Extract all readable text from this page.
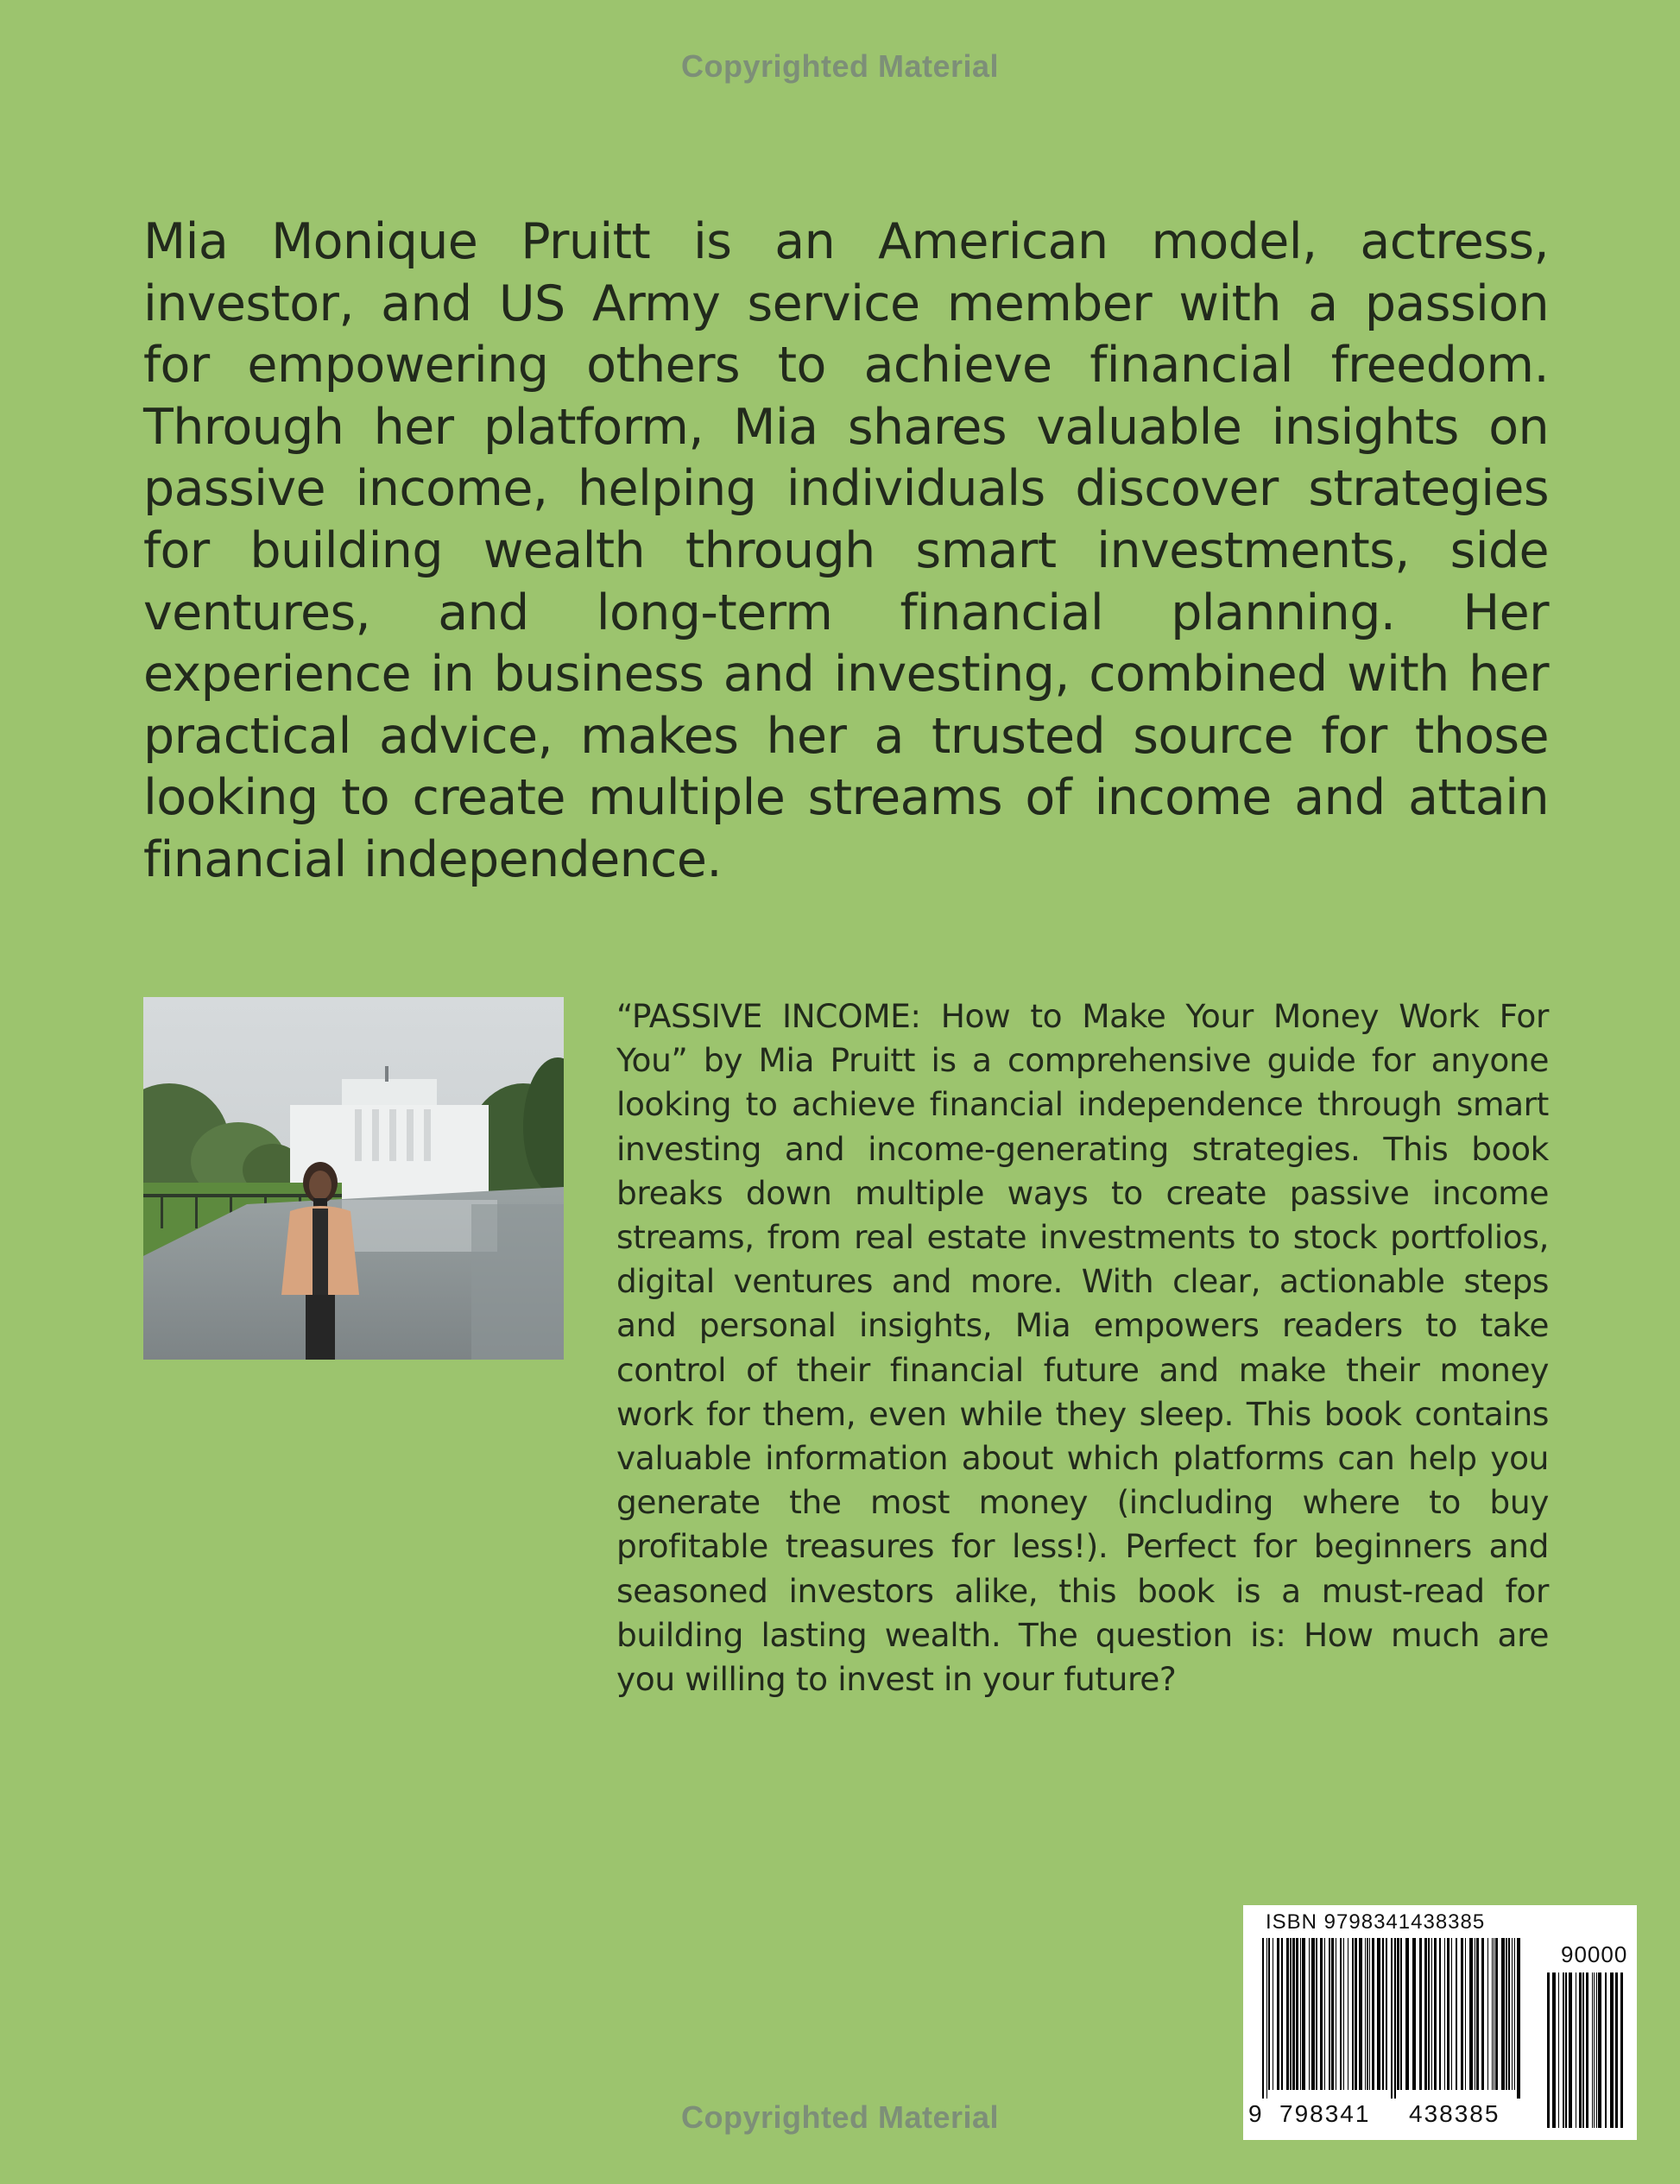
Copyrighted Material
Mia Monique Pruitt is an American model, actress, investor, and US Army service member with a passion for empowering others to achieve financial freedom. Through her platform, Mia shares valuable insights on passive income, helping individuals discover strategies for building wealth through smart investments, side ventures, and long-term financial planning. Her experience in business and investing, combined with her practical advice, makes her a trusted source for those looking to create multiple streams of income and attain financial independence.
“PASSIVE INCOME: How to Make Your Money Work For You” by Mia Pruitt is a comprehensive guide for anyone looking to achieve financial independence through smart investing and income-generating strategies. This book breaks down multiple ways to create passive income streams, from real estate investments to stock portfolios, digital ventures and more. With clear, actionable steps and personal insights, Mia empowers readers to take control of their financial future and make their money work for them, even while they sleep. This book contains valuable information about which platforms can help you generate the most money (including where to buy profitable treasures for less!). Perfect for beginners and seasoned investors alike, this book is a must-read for building lasting wealth. The question is: How much are you willing to invest in your future?
Copyrighted Material
ISBN 9798341438385
90000
9 798341 438385
